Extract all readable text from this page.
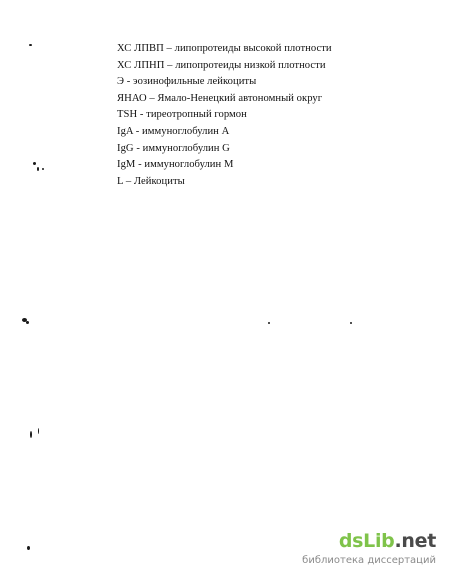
ХС ЛПВП – липопротеиды высокой плотности
ХС ЛПНП – липопротеиды низкой плотности
Э - эозинофильные лейкоциты
ЯНАО – Ямало-Ненецкий автономный округ
TSH - тиреотропный гормон
IgA - иммуноглобулин А
IgG - иммуноглобулин G
IgM - иммуноглобулин М
L – Лейкоциты
dsLib.net
библиотека диссертаций
